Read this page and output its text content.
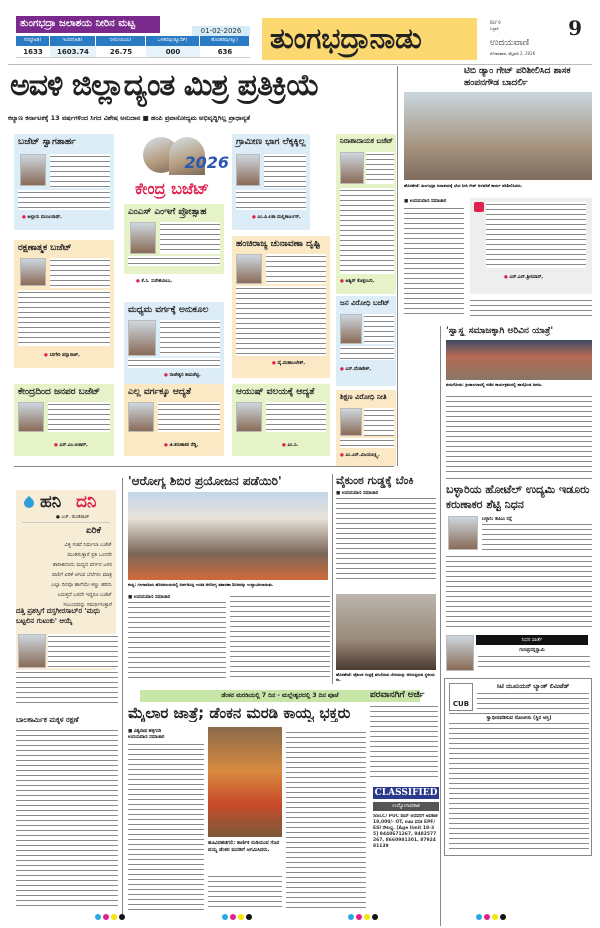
ತುಂಗಭದ್ರಾ ಜಲಾಶಯ ನೀರಿನ ಮಟ್ಟ
01-02-2026
ಗರಿಷ್ಠ(ಅಡಿ)	ಇಂದಿನ(ಅಡಿ)	ನೀರು(ಟಿಎಂಸಿ)	ಒಳಹರಿವು(ಕ್ಯೂಸೆಕ್)	ಹೊರಹರಿವು(ಕ್ಯೂ)
1633	1603.74	26.75	000	636	ತುಂಗಭದ್ರಾನಾಡು	BLY 9
ಬಳ್ಳಾರಿ	9
ಉದಯವಾಣಿ
ಸೋಮವಾರ, ಫೆಬ್ರವರಿ 2, 2026
ಅವಳಿ ಜಿಲ್ಲಾದ್ಯಂತ ಮಿಶ್ರ ಪ್ರತಿಕ್ರಿಯೆ
ಕಲ್ಯಾಣ ಕರ್ನಾಟಕಕ್ಕೆ 13 ವರ್ಷಗಳಿಂದ ಸಿಗದ ವಿಶೇಷ ಅನುದಾನ ■ ಹಂಪಿ ಪ್ರವಾಸೋದ್ಯಮ ಅಭಿವೃದ್ಧಿಗಿಲ್ಲ ಪ್ರಾಧಾನ್ಯತೆ
ಬಜೆಟ್ ಸ್ವಾಗತಾರ್ಹ
● ಅಲ್ಲಾರು ಮಂಜುನಾಥ್,
2026
ಕೇಂದ್ರ ಬಜೆಟ್
ಗ್ರಾಮೀಣ ಭಾಗ ಲೆಕ್ಕಕ್ಕಿಲ್ಲ
● ಎಂ.ಪಿ.ಲತಾ ಮಲ್ಲಿಕಾರ್ಜುನ್,
ನಿರಾಶಾದಾಯಕ ಬಜೆಟ್
● ಅಶ್ವಿನ್ ಕೊತ್ತಂಬರಿ,
ರಕ್ಷಣಾತ್ಮಕ ಬಜೆಟ್
● ಸಿರಿಗೇರಿ ಪನ್ನಾರಾಜ್,
ಎಂಎಸ್ ಎಂಇಗೆ ಪ್ರೋತ್ಸಾಹ
● ಕೆ.ಸಿ. ಸುರೇಶಬಾಬು,
ಹಂಚಿರಾಜ್ಯ ಚುನಾವಣಾ ದೃಷ್ಟಿ
● ವೈ.ಮಹಾಬಲೇಶ್,
ಜನ ವಿರೋಧಿ ಬಜೆಟ್
● ಎಸ್.ವೆಂಕಟೇಶ್,
ಮಧ್ಯಮ ವರ್ಗಕ್ಕೆ ಅನುಕೂಲ
● ರಾಜೇಶ್ವರಿ ಕಾಮಶೆಟ್ಟಿ,
ಶಿಕ್ಷಣ ವಿರೋಧಿ ನೀತಿ
● ಎಂ.ಎನ್.ವಿಜಯಲಕ್ಷ್ಮಿ,
ಕೇಂದ್ರದಿಂದ ಜನಪರ ಬಜೆಟ್
● ಎಸ್.ಎಂ.ಆಚಾರ್,
ಎಲ್ಲ ವರ್ಗಕ್ಕೂ ಆದ್ಯತೆ
● ಜಿ.ಕರುಣಾಕರ ರೆಡ್ಡಿ,
ಆಯುಷ್ ವಲಯಕ್ಕೆ ಆದ್ಯತೆ
● ಎಂ.ಸಿ.
ಟಿಬಿ ಡ್ಯಾಂ ಗೇಟ್ ಪರಿಶೀಲಿಸಿದ ಶಾಸಕ ಹಂಪನಗೌಡ ಬಾದರ್ಲಿ
ಹೊಸಪೇಟೆ: ತುಂಗಭದ್ರಾ ಜಲಾಶಯಕ್ಕೆ ಭೇಟಿ ನೀಡಿ ಗೇಟ್ ಅಳವಡಿಕೆ ಕಾರ್ಯ ಪರಿಶೀಲಿಸಿದರು.
■ ಉದಯವಾಣಿ ಸಮಾಚಾರ
● ಎನ್.ಎನ್.ಶ್ರೀನಿವಾಸ್,
'ಸ್ವಾಸ್ಥ್ಯ ಸಮಾಜಕ್ಕಾಗಿ ಅರಿವಿನ ಯಾತ್ರೆ'
ಕುರುಗೋಡು: ಕ್ರೀಡಾಂಗಣದಲ್ಲಿ ನಡೆದ ಕಾರ್ಯಕ್ರಮದಲ್ಲಿ ಪಾಲ್ಗೊಂಡ ಜನರು.
ಬಳ್ಳಾರಿಯ ಹೋಟೆಲ್ ಉದ್ಯಮಿ ಇಡೂರು ಕರುಣಾಕರ ಶೆಟ್ಟಿ ನಿಧನ
ಬಳ್ಳಾರಿ: ಕಟಿಎಂ ರಸ್ತೆ
ನಿಧನ ವಾರ್ತೆ
ಗುರುಪ್ರಸನ್ನಸ್ವಾಮಿ
CUB
ಸಿಟಿ ಯೂನಿಯನ್ ಬ್ಯಾಂಕ್ ಲಿಮಿಟೆಡ್
ಸ್ವಾಧೀನಪಡಿಸುವ ನೋಟೀಸು (ಸ್ಥಿರ ಆಸ್ತಿ)
ಹನಿ ದನಿ
● ಎಚ್. ಡುಂಡಿರಾಜ್
ಏರಿಕೆ
ವಿತ್ತ ಸಚಿವೆ ನಿರ್ಮಲಾ ಬಜೆಟ್ ಮಂಡಿಸುತ್ತಾರೆ ಪ್ರತಿ ಒಂದನೇ ತಾರೀಖಿನಂದು ಮಧ್ಯದ ವರ್ಗದ ಜನರ ಪಾಲಿಗೆ ಏರಿಕೆ ಆಗುವ ಬೆಲೆಗಳು ಮಾತ್ರ ಎಲ್ಲಾ ದಿನವೂ ಹಾಗೆಯೇ ಕಣ್ಣು ಹರಿದು ಬರುತ್ತದೆ ಬರದೇ ಇದ್ದರೂ ಬಜೆಟ್ ಸಂಬಂಧವನ್ನು ಸಮರ್ಥಿಸುತ್ತಾರೆ
'ಆರೋಗ್ಯ ಶಿಬಿರ ಪ್ರಯೋಜನ ಪಡೆಯಿರಿ'
ಕಂಪ್ಲಿ: ಗಂಗಾವತಿಯ ಹೊರವಲಯದಲ್ಲಿ ಏರ್ಪಡಿಸಿದ್ದ ಉಚಿತ ಆರೋಗ್ಯ ತಪಾಸಣಾ ಶಿಬಿರವನ್ನು ಉದ್ಘಾಟಿಸಲಾಯಿತು.
■ ಉದಯವಾಣಿ ಸಮಾಚಾರ
ವೈಕುಂಠ ಗುಡ್ಡಕ್ಕೆ ಬೆಂಕಿ
■ ಉದಯವಾಣಿ ಸಮಾಚಾರ
ಹೊಸಪೇಟೆ: ವೈಕುಂಠ ಗುಡ್ಡಕ್ಕೆ ತಗುಲಿರುವ ಬೆಂಕಿಯನ್ನು ಆರಿಸುತ್ತಿರುವ ಸ್ಥಳೀಯರು.
ದತ್ತಿ ಪ್ರಶಸ್ತಿಗೆ ದಸ್ತಗೀರಸಾಬ್‌ರ 'ಮಧು ಬಟ್ಟಲಿನ ಗುಟುಕು' ಆಯ್ಕೆ
ಬಾಲಕಾರ್ಮಿಕ ಮಕ್ಕಳ ರಕ್ಷಣೆ
ಡೆಂಕನ ಮರಡಿಯಲ್ಲಿ 7 ದಿನ - ಮಲ್ಲೇಶ್ವರದಲ್ಲಿ 3 ದಿನ ಪೂಜೆ
ಮೈಲಾರ ಜಾತ್ರೆ; ಡೆಂಕನ ಮರಡಿ ಕಾಯ್ವ ಭಕ್ತರು
■ ವಿಶ್ವನಾಥ ಹಳ್ಳಿಗುಡಿ
ಉದಯವಾಣಿ ಸಮಾಚಾರ
ಹೂವಿನಹಡಗಲಿ: ಕಾರ್ಣಿಕ ನುಡಿಯುವ ಗೊರವಯ್ಯ ಡೆಂಕನ ಮರಡಿಗೆ ಆಗಮಿಸಿದರು.
ಪರವಾನಗಿಗೆ ಅರ್ಜಿ
CLASSIFIED
ಉದ್ಯೋಗಾವಕಾಶ
SSLC/ PUC ಪಾಸ್ ಆದವರಿಗೆ ಅವಕಾಶ 18,000/- OT, ಊಟ ವಸತಿ EPF/ ESI ಸೌಲಭ್ಯ. [Age limit 18-35] 9448671267, 9482577267, 8660981301, 8792481139
